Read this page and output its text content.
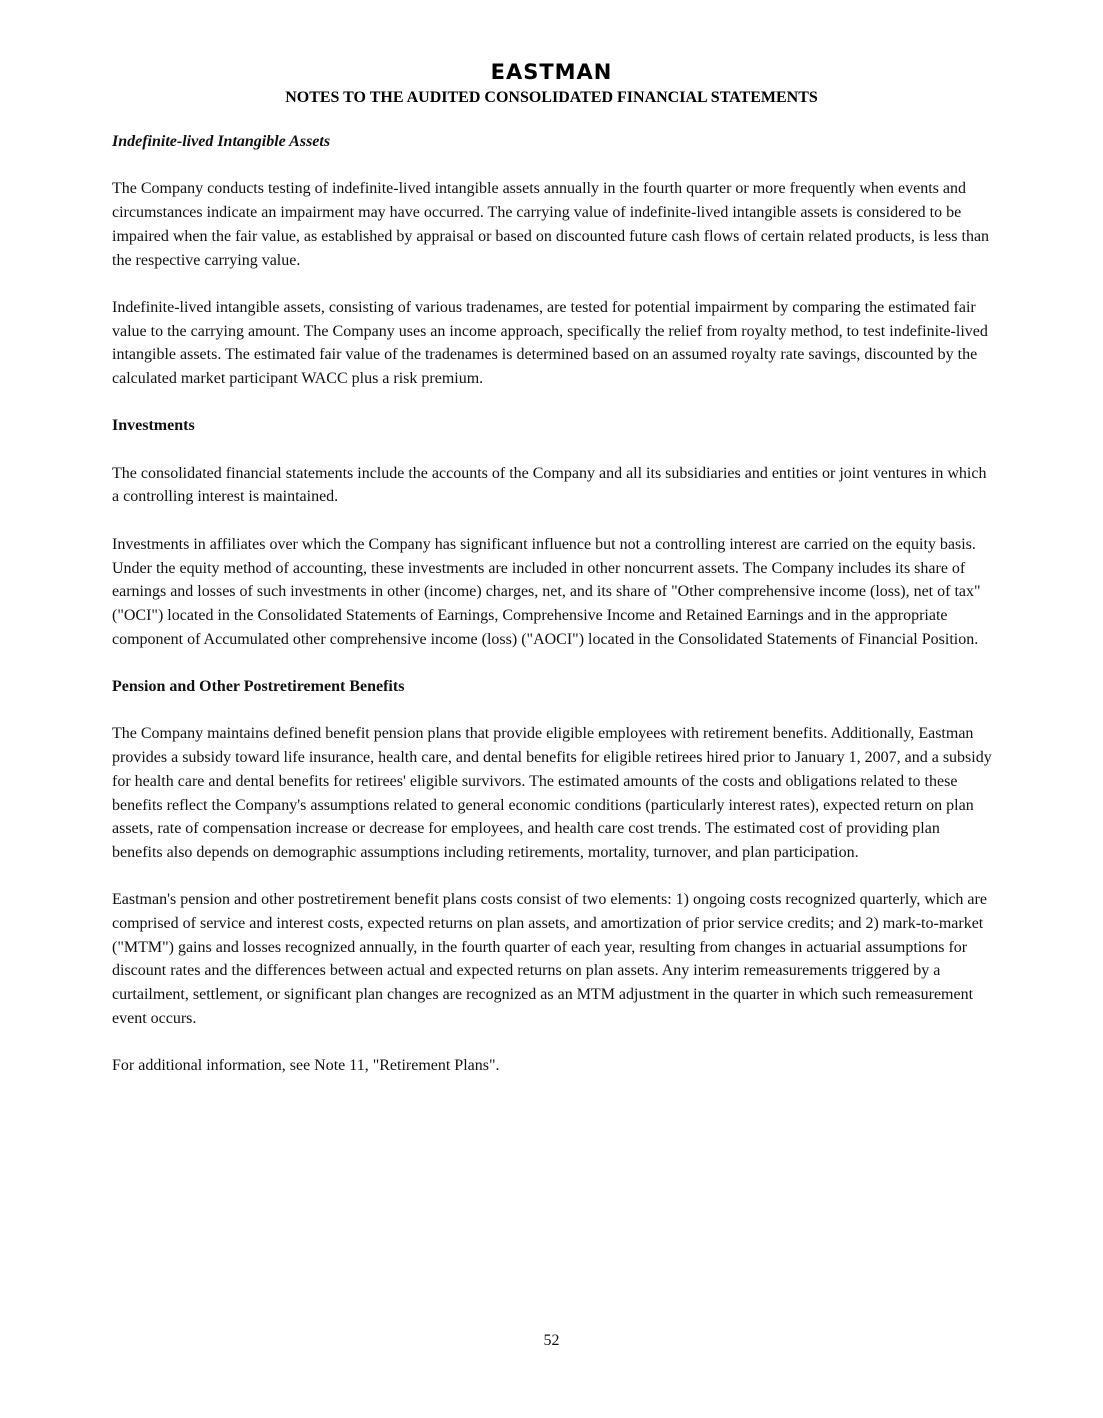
EASTMAN
NOTES TO THE AUDITED CONSOLIDATED FINANCIAL STATEMENTS
Indefinite-lived Intangible Assets

The Company conducts testing of indefinite-lived intangible assets annually in the fourth quarter or more frequently when events and circumstances indicate an impairment may have occurred. The carrying value of indefinite-lived intangible assets is considered to be impaired when the fair value, as established by appraisal or based on discounted future cash flows of certain related products, is less than the respective carrying value.

Indefinite-lived intangible assets, consisting of various tradenames, are tested for potential impairment by comparing the estimated fair value to the carrying amount. The Company uses an income approach, specifically the relief from royalty method, to test indefinite-lived intangible assets. The estimated fair value of the tradenames is determined based on an assumed royalty rate savings, discounted by the calculated market participant WACC plus a risk premium.

Investments

The consolidated financial statements include the accounts of the Company and all its subsidiaries and entities or joint ventures in which a controlling interest is maintained.

Investments in affiliates over which the Company has significant influence but not a controlling interest are carried on the equity basis. Under the equity method of accounting, these investments are included in other noncurrent assets. The Company includes its share of earnings and losses of such investments in other (income) charges, net, and its share of "Other comprehensive income (loss), net of tax" ("OCI") located in the Consolidated Statements of Earnings, Comprehensive Income and Retained Earnings and in the appropriate component of Accumulated other comprehensive income (loss) ("AOCI") located in the Consolidated Statements of Financial Position.

Pension and Other Postretirement Benefits

The Company maintains defined benefit pension plans that provide eligible employees with retirement benefits. Additionally, Eastman provides a subsidy toward life insurance, health care, and dental benefits for eligible retirees hired prior to January 1, 2007, and a subsidy for health care and dental benefits for retirees' eligible survivors. The estimated amounts of the costs and obligations related to these benefits reflect the Company's assumptions related to general economic conditions (particularly interest rates), expected return on plan assets, rate of compensation increase or decrease for employees, and health care cost trends. The estimated cost of providing plan benefits also depends on demographic assumptions including retirements, mortality, turnover, and plan participation.

Eastman's pension and other postretirement benefit plans costs consist of two elements: 1) ongoing costs recognized quarterly, which are comprised of service and interest costs, expected returns on plan assets, and amortization of prior service credits; and 2) mark-to-market ("MTM") gains and losses recognized annually, in the fourth quarter of each year, resulting from changes in actuarial assumptions for discount rates and the differences between actual and expected returns on plan assets. Any interim remeasurements triggered by a curtailment, settlement, or significant plan changes are recognized as an MTM adjustment in the quarter in which such remeasurement event occurs.

For additional information, see Note 11, "Retirement Plans".

52
